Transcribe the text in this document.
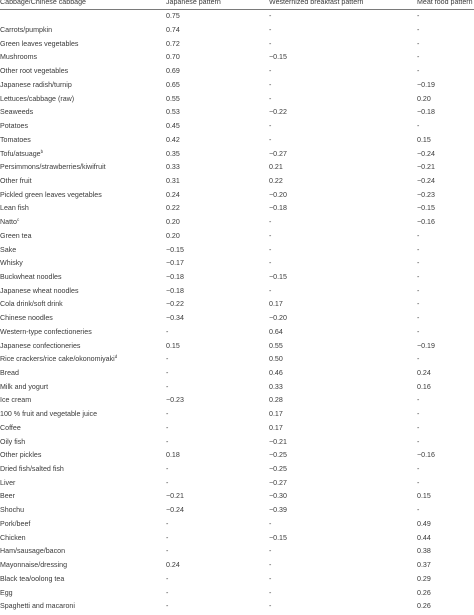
Cabbage/Chinese cabbage	Japanese pattern	Westernized breakfast pattern	Meat food pattern
	0.75	-	-
Carrots/pumpkin	0.74	-	-
Green leaves vegetables	0.72	-	-
Mushrooms	0.70	−0.15	-
Other root vegetables	0.69	-	-
Japanese radish/turnip	0.65	-	−0.19
Lettuces/cabbage (raw)	0.55	-	0.20
Seaweeds	0.53	−0.22	−0.18
Potatoes	0.45	-	-
Tomatoes	0.42	-	0.15
Tofu/atsuage$^b$	0.35	−0.27	−0.24
Persimmons/strawberries/kiwifruit	0.33	0.21	−0.21
Other fruit	0.31	0.22	−0.24
Pickled green leaves vegetables	0.24	−0.20	−0.23
Lean fish	0.22	−0.18	−0.15
Natto$^c$	0.20	-	−0.16
Green tea	0.20	-	-
Sake	−0.15	-	-
Whisky	−0.17	-	-
Buckwheat noodles	−0.18	−0.15	-
Japanese wheat noodles	−0.18	-	-
Cola drink/soft drink	−0.22	0.17	-
Chinese noodles	−0.34	−0.20	-
Western-type confectioneries	-	0.64	-
Japanese confectioneries	0.15	0.55	−0.19
Rice crackers/rice cake/okonomiyaki$^d$	-	0.50	-
Bread	-	0.46	0.24
Milk and yogurt	-	0.33	0.16
Ice cream	−0.23	0.28	-
100 % fruit and vegetable juice	-	0.17	-
Coffee	-	0.17	-
Oily fish	-	−0.21	-
Other pickles	0.18	−0.25	−0.16
Dried fish/salted fish	-	−0.25	-
Liver	-	−0.27	-
Beer	−0.21	−0.30	0.15
Shochu	−0.24	−0.39	-
Pork/beef	-	-	0.49
Chicken	-	−0.15	0.44
Ham/sausage/bacon	-	-	0.38
Mayonnaise/dressing	0.24	-	0.37
Black tea/oolong tea	-	-	0.29
Egg	-	-	0.26
Spaghetti and macaroni	-	-	0.26
